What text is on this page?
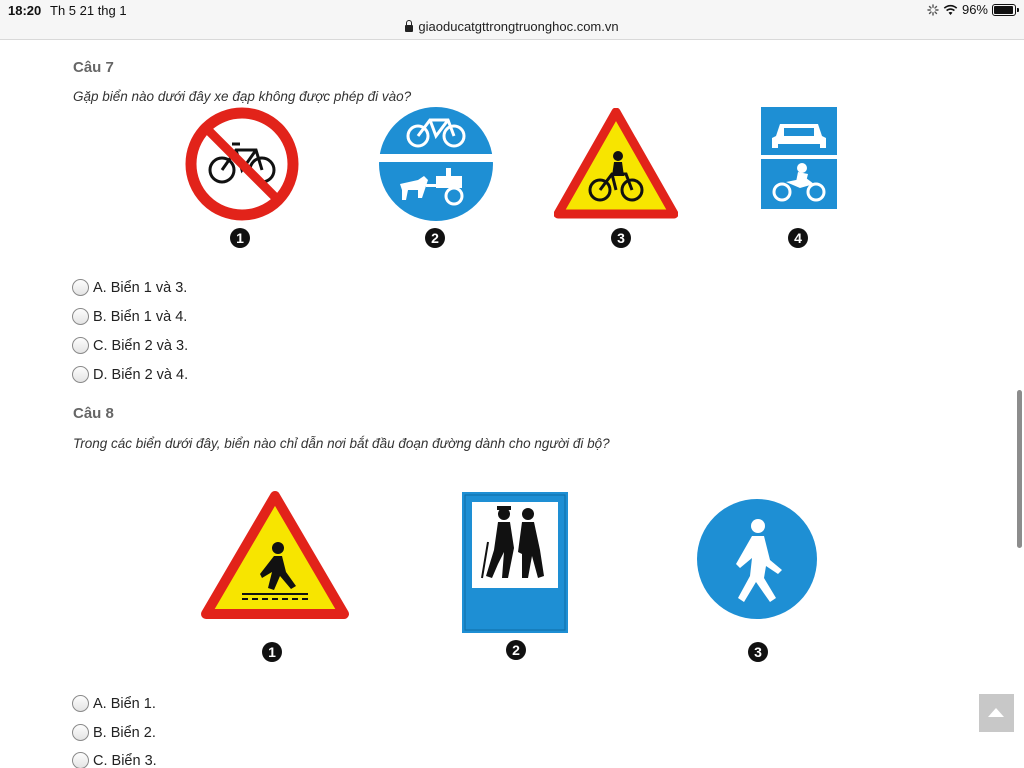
18:20 Th 5 21 thg 1	96%
giaoducatgttrongtruonghoc.com.vn
Câu 7
Gặp biển nào dưới đây xe đạp không được phép đi vào?
1	2	3	4
A. Biển 1 và 3.
B. Biển 1 và 4.
C. Biển 2 và 3.
D. Biển 2 và 4.
Câu 8
Trong các biển dưới đây, biển nào chỉ dẫn nơi bắt đầu đoạn đường dành cho người đi bộ?
1	2	3
A. Biển 1.
B. Biển 2.
C. Biển 3.
